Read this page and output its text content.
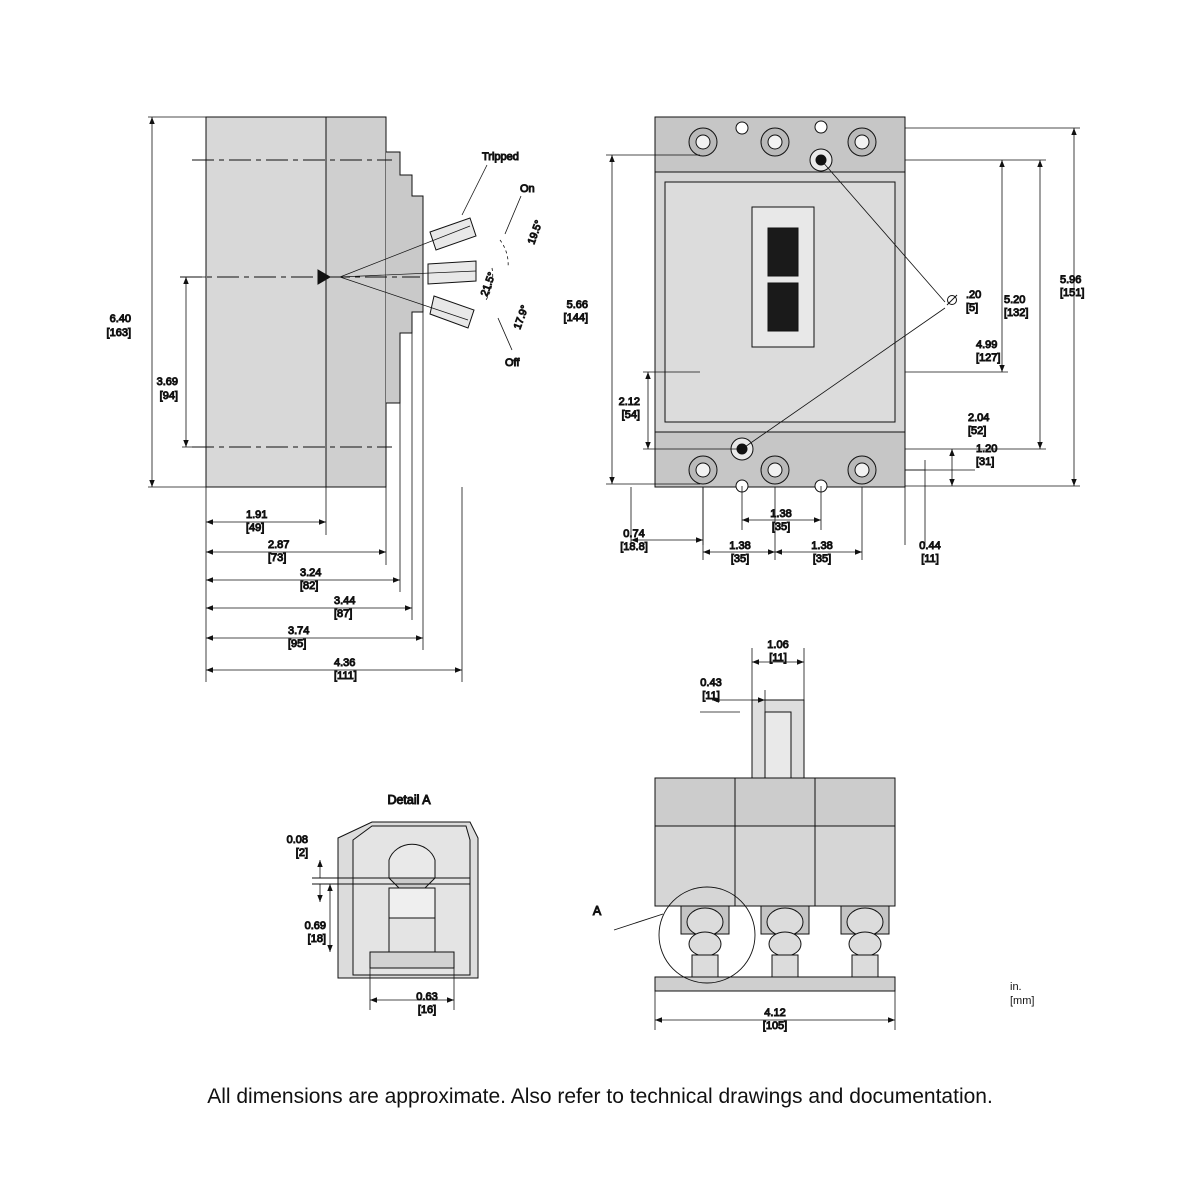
Tripped
On
Off
19.5°
21.5°
17.9°
6.40
[163]
3.69
[94]
1.91
[49]
2.87
[73]
3.24
[82]
3.44
[87]
3.74
[95]
4.36
[111]
.20
[5]
5.66
[144]
2.12
[54]
0.74
[18.8]
5.96
[151]
5.20
[132]
4.99
[127]
2.04
[52]
1.20
[31]
1.38
[35]
1.38
[35]
1.38
[35]
0.44
[11]
A
1.06
[11]
0.43
[11]
4.12
[105]
Detail A
0.08
[2]
0.69
[18]
0.63
[16]
in.
[mm]
All dimensions are approximate. Also refer to technical drawings and documentation.
